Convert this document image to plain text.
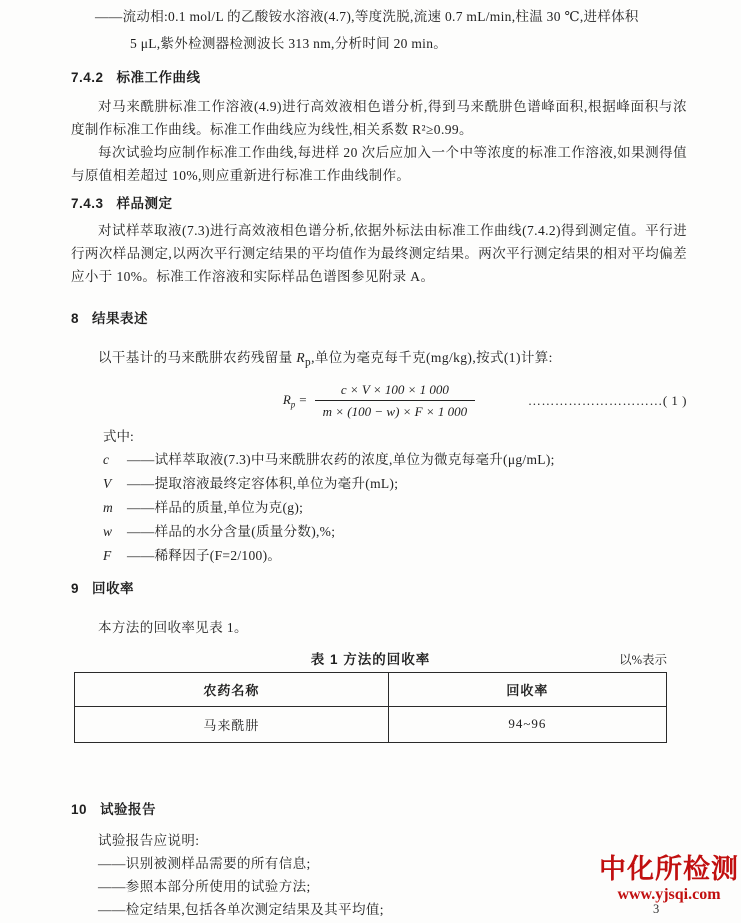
——流动相:0.1 mol/L 的乙酸铵水溶液(4.7),等度洗脱,流速 0.7 mL/min,柱温 30 ℃,进样体积
5 μL,紫外检测器检测波长 313 nm,分析时间 20 min。
7.4.2 标准工作曲线
对马来酰肼标准工作溶液(4.9)进行高效液相色谱分析,得到马来酰肼色谱峰面积,根据峰面积与浓度制作标准工作曲线。标准工作曲线应为线性,相关系数 R²≥0.99。
每次试验均应制作标准工作曲线,每进样 20 次后应加入一个中等浓度的标准工作溶液,如果测得值与原值相差超过 10%,则应重新进行标准工作曲线制作。
7.4.3 样品测定
对试样萃取液(7.3)进行高效液相色谱分析,依据外标法由标准工作曲线(7.4.2)得到测定值。平行进行两次样品测定,以两次平行测定结果的平均值作为最终测定结果。两次平行测定结果的相对平均偏差应小于 10%。标准工作溶液和实际样品色谱图参见附录 A。
8 结果表述
以干基计的马来酰肼农药残留量 $R_p$,单位为毫克每千克(mg/kg),按式(1)计算:
$R_p = \frac{c \times V \times 100 \times 1 000}{m \times (100 - w) \times F \times 1 000}$	…………………………( 1 )
式中:
c	——试样萃取液(7.3)中马来酰肼农药的浓度,单位为微克每毫升(μg/mL);
V	——提取溶液最终定容体积,单位为毫升(mL);
m	——样品的质量,单位为克(g);
w	——样品的水分含量(质量分数),%;
F	——稀释因子(F=2/100)。
9 回收率
本方法的回收率见表 1。
表 1 方法的回收率	以%表示
农药名称	回收率
马来酰肼	94~96
10 试验报告
试验报告应说明:
——识别被测样品需要的所有信息;
——参照本部分所使用的试验方法;
——检定结果,包括各单次测定结果及其平均值;
中化所检测
www.yjsqi.com
3
